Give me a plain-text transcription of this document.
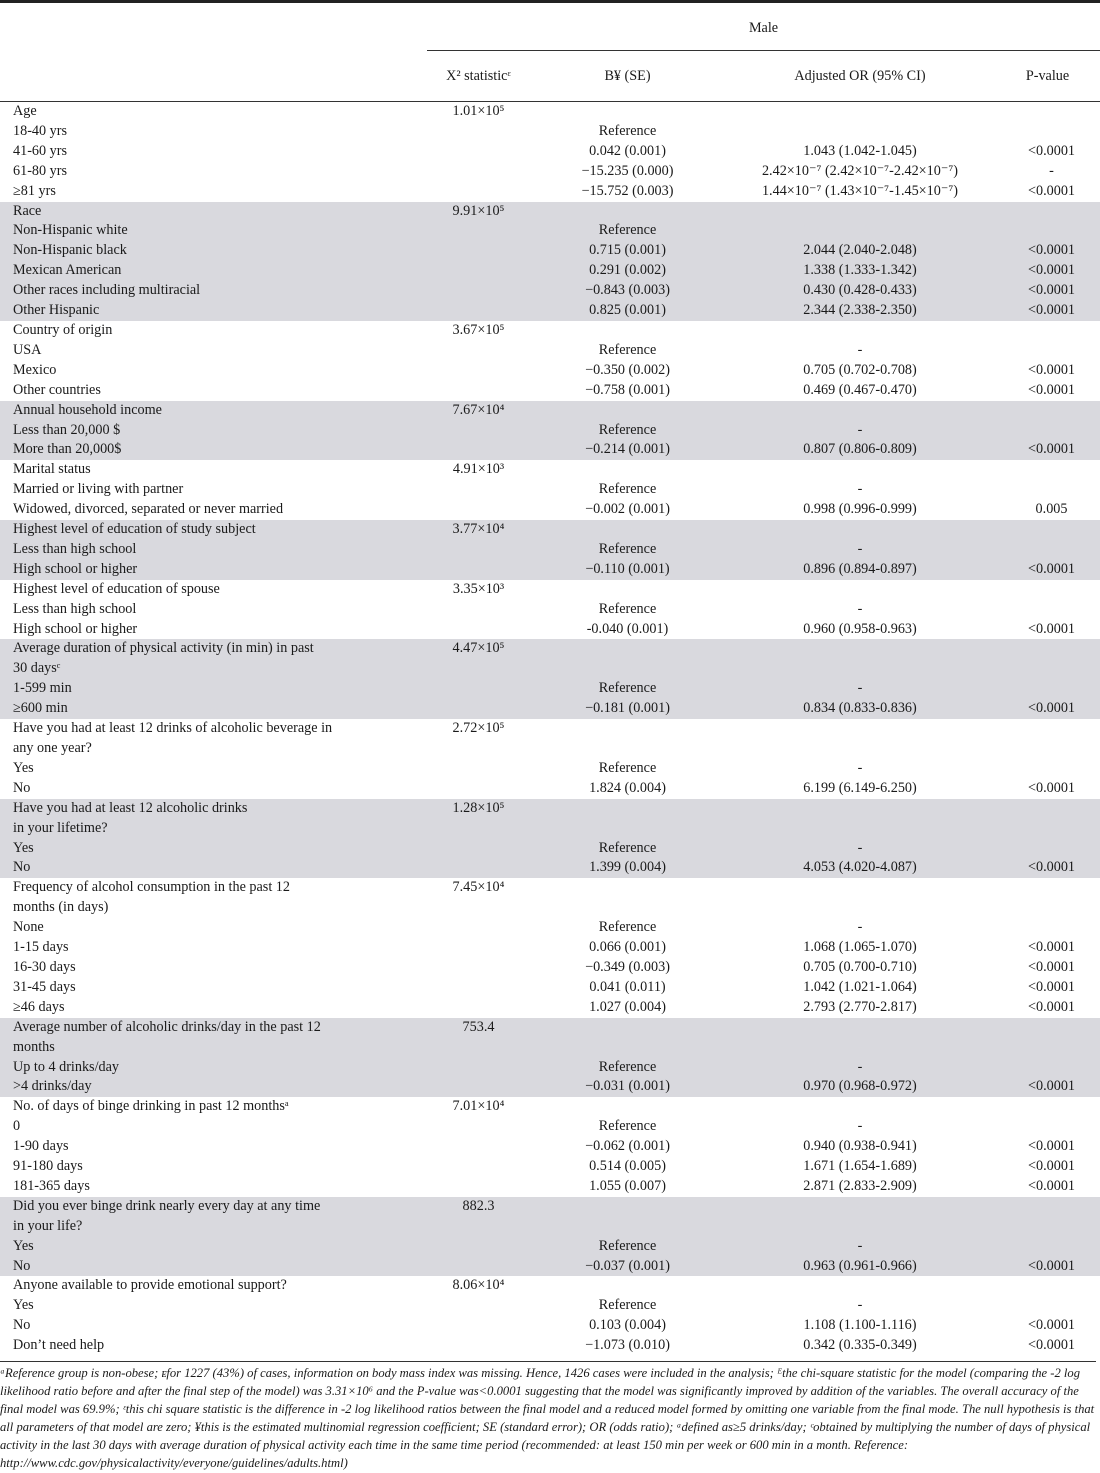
	Male			
	X² statisticᵋ	B¥ (SE)	Adjusted OR (95% CI)	P-value

Age	1.01×10⁵			
18-40 yrs		Reference		
41-60 yrs		0.042 (0.001)	1.043 (1.042-1.045)	<0.0001
61-80 yrs		−15.235 (0.000)	2.42×10⁻⁷ (2.42×10⁻⁷-2.42×10⁻⁷)	-
≥81 yrs		−15.752 (0.003)	1.44×10⁻⁷ (1.43×10⁻⁷-1.45×10⁻⁷)	<0.0001

Race	9.91×10⁵			
Non-Hispanic white		Reference		
Non-Hispanic black		0.715 (0.001)	2.044 (2.040-2.048)	<0.0001
Mexican American		0.291 (0.002)	1.338 (1.333-1.342)	<0.0001
Other races including multiracial		−0.843 (0.003)	0.430 (0.428-0.433)	<0.0001
Other Hispanic		0.825 (0.001)	2.344 (2.338-2.350)	<0.0001

Country of origin	3.67×10⁵			
USA		Reference	-	
Mexico		−0.350 (0.002)	0.705 (0.702-0.708)	<0.0001
Other countries		−0.758 (0.001)	0.469 (0.467-0.470)	<0.0001

Annual household income	7.67×10⁴			
Less than 20,000 $		Reference	-	
More than 20,000$		−0.214 (0.001)	0.807 (0.806-0.809)	<0.0001

Marital status	4.91×10³			
Married or living with partner		Reference	-	
Widowed, divorced, separated or never married		−0.002 (0.001)	0.998 (0.996-0.999)	0.005

Highest level of education of study subject	3.77×10⁴			
Less than high school		Reference	-	
High school or higher		−0.110 (0.001)	0.896 (0.894-0.897)	<0.0001

Highest level of education of spouse	3.35×10³			
Less than high school		Reference	-	
High school or higher		-0.040 (0.001)	0.960 (0.958-0.963)	<0.0001

Average duration of physical activity (in min) in past
30 daysᶜ	4.47×10⁵			
1-599 min		Reference	-	
≥600 min		−0.181 (0.001)	0.834 (0.833-0.836)	<0.0001

Have you had at least 12 drinks of alcoholic beverage in
any one year?	2.72×10⁵			
Yes		Reference	-	
No		1.824 (0.004)	6.199 (6.149-6.250)	<0.0001

Have you had at least 12 alcoholic drinks
in your lifetime?	1.28×10⁵			
Yes		Reference	-	
No		1.399 (0.004)	4.053 (4.020-4.087)	<0.0001

Frequency of alcohol consumption in the past 12
months (in days)	7.45×10⁴			
None		Reference	-	
1-15 days		0.066 (0.001)	1.068 (1.065-1.070)	<0.0001
16-30 days		−0.349 (0.003)	0.705 (0.700-0.710)	<0.0001
31-45 days		0.041 (0.011)	1.042 (1.021-1.064)	<0.0001
≥46 days		1.027 (0.004)	2.793 (2.770-2.817)	<0.0001

Average number of alcoholic drinks/day in the past 12
months	753.4			
Up to 4 drinks/day		Reference	-	
>4 drinks/day		−0.031 (0.001)	0.970 (0.968-0.972)	<0.0001

No. of days of binge drinking in past 12 monthsᵃ	7.01×10⁴			
0		Reference	-	
1-90 days		−0.062 (0.001)	0.940 (0.938-0.941)	<0.0001
91-180 days		0.514 (0.005)	1.671 (1.654-1.689)	<0.0001
181-365 days		1.055 (0.007)	2.871 (2.833-2.909)	<0.0001

Did you ever binge drink nearly every day at any time
in your life?	882.3			
Yes		Reference	-	
No		−0.037 (0.001)	0.963 (0.961-0.966)	<0.0001

Anyone available to provide emotional support?	8.06×10⁴			
Yes		Reference	-	
No		0.103 (0.004)	1.108 (1.100-1.116)	<0.0001
Don’t need help		−1.073 (0.010)	0.342 (0.335-0.349)	<0.0001
ᵃReference group is non-obese; ᴇfor 1227 (43%) of cases, information on body mass index was missing. Hence, 1426 cases were included in the analysis; ᴱthe chi-square statistic for the model (comparing the -2 log likelihood ratio before and after the final step of the model) was 3.31×10⁶ and the P-value was<0.0001 suggesting that the model was significantly improved by addition of the variables. The overall accuracy of the final model was 69.9%; ᵋthis chi square statistic is the difference in -2 log likelihood ratios between the final model and a reduced model formed by omitting one variable from the final mode. The null hypothesis is that all parameters of that model are zero; ¥this is the estimated multinomial regression coefficient; SE (standard error); OR (odds ratio); ᵃdefined as≥5 drinks/day; ᶜobtained by multiplying the number of days of physical activity in the last 30 days with average duration of physical activity each time in the same time period (recommended: at least 150 min per week or 600 min in a month. Reference: http://www.cdc.gov/physicalactivity/everyone/guidelines/adults.html)
